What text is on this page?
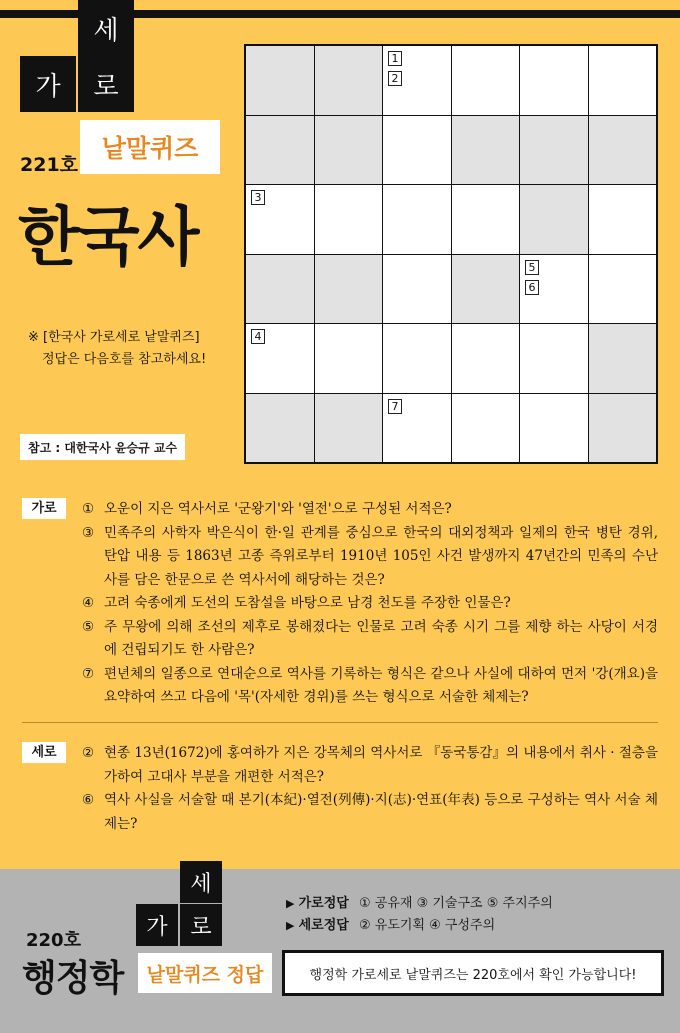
세
가	로
낱말퀴즈
221호
한국사
※ [한국사 가로세로 낱말퀴즈]
정답은 다음호를 참고하세요!
참고 : 대한국사 윤승규 교수
1
2
3
5
6
4
7
가로	① 오운이 지은 역사서로 '군왕기'와 '열전'으로 구성된 서적은?
③ 민족주의 사학자 박은식이 한·일 관계를 중심으로 한국의 대외정책과 일제의 한국 병탄 경위, 탄압 내용 등 1863년 고종 즉위로부터 1910년 105인 사건 발생까지 47년간의 민족의 수난사를 담은 한문으로 쓴 역사서에 해당하는 것은?
④ 고려 숙종에게 도선의 도참설을 바탕으로 남경 천도를 주장한 인물은?
⑤ 주 무왕에 의해 조선의 제후로 봉해졌다는 인물로 고려 숙종 시기 그를 제향 하는 사당이 서경에 건립되기도 한 사람은?
⑦ 편년체의 일종으로 연대순으로 역사를 기록하는 형식은 같으나 사실에 대하여 먼저 '강(개요)을 요약하여 쓰고 다음에 '목'(자세한 경위)를 쓰는 형식으로 서술한 체제는?
세로	② 현종 13년(1672)에 홍여하가 지은 강목체의 역사서로 『동국통감』의 내용에서 취사 · 절층을 가하여 고대사 부분을 개편한 서적은?
⑥ 역사 사실을 서술할 때 본기(本紀)·열전(列傳)·지(志)·연표(年表) 등으로 구성하는 역사 서술 체제는?
세
가	로
낱말퀴즈 정답
220호
행정학
▶ 가로정답 ① 공유재 ③ 기술구조 ⑤ 주지주의
▶ 세로정답 ② 유도기획 ④ 구성주의
행정학 가로세로 낱말퀴즈는 220호에서 확인 가능합니다!
